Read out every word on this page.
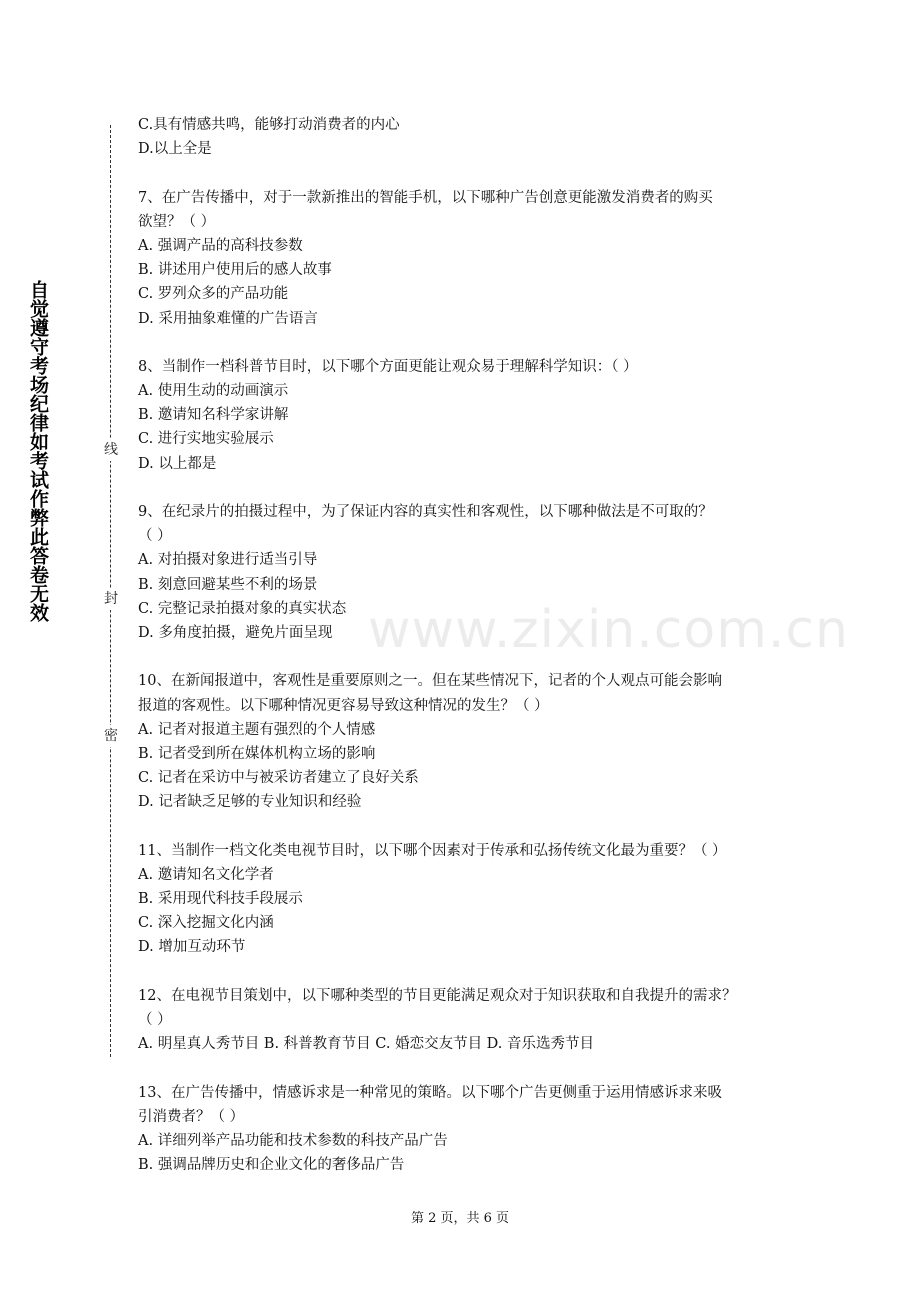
自觉遵守考场纪律如考试作弊此答卷无效	线
封
密
C.具有情感共鸣，能够打动消费者的内心
D.以上全是
7、在广告传播中，对于一款新推出的智能手机，以下哪种广告创意更能激发消费者的购买
欲望？（ ）
A. 强调产品的高科技参数
B. 讲述用户使用后的感人故事
C. 罗列众多的产品功能
D. 采用抽象难懂的广告语言
8、当制作一档科普节目时，以下哪个方面更能让观众易于理解科学知识：（ ）
A. 使用生动的动画演示
B. 邀请知名科学家讲解
C. 进行实地实验展示
D. 以上都是
9、在纪录片的拍摄过程中，为了保证内容的真实性和客观性，以下哪种做法是不可取的？
（ ）
A. 对拍摄对象进行适当引导
B. 刻意回避某些不利的场景
C. 完整记录拍摄对象的真实状态
D. 多角度拍摄，避免片面呈现
10、在新闻报道中，客观性是重要原则之一。但在某些情况下，记者的个人观点可能会影响
报道的客观性。以下哪种情况更容易导致这种情况的发生？（ ）
A. 记者对报道主题有强烈的个人情感
B. 记者受到所在媒体机构立场的影响
C. 记者在采访中与被采访者建立了良好关系
D. 记者缺乏足够的专业知识和经验
11、当制作一档文化类电视节目时，以下哪个因素对于传承和弘扬传统文化最为重要？（ ）
A. 邀请知名文化学者
B. 采用现代科技手段展示
C. 深入挖掘文化内涵
D. 增加互动环节
12、在电视节目策划中，以下哪种类型的节目更能满足观众对于知识获取和自我提升的需求？
（ ）
A. 明星真人秀节目 B. 科普教育节目 C. 婚恋交友节目 D. 音乐选秀节目
13、在广告传播中，情感诉求是一种常见的策略。以下哪个广告更侧重于运用情感诉求来吸
引消费者？（ ）
A. 详细列举产品功能和技术参数的科技产品广告
B. 强调品牌历史和企业文化的奢侈品广告
www.zixin.com.cn
第 2 页，共 6 页
